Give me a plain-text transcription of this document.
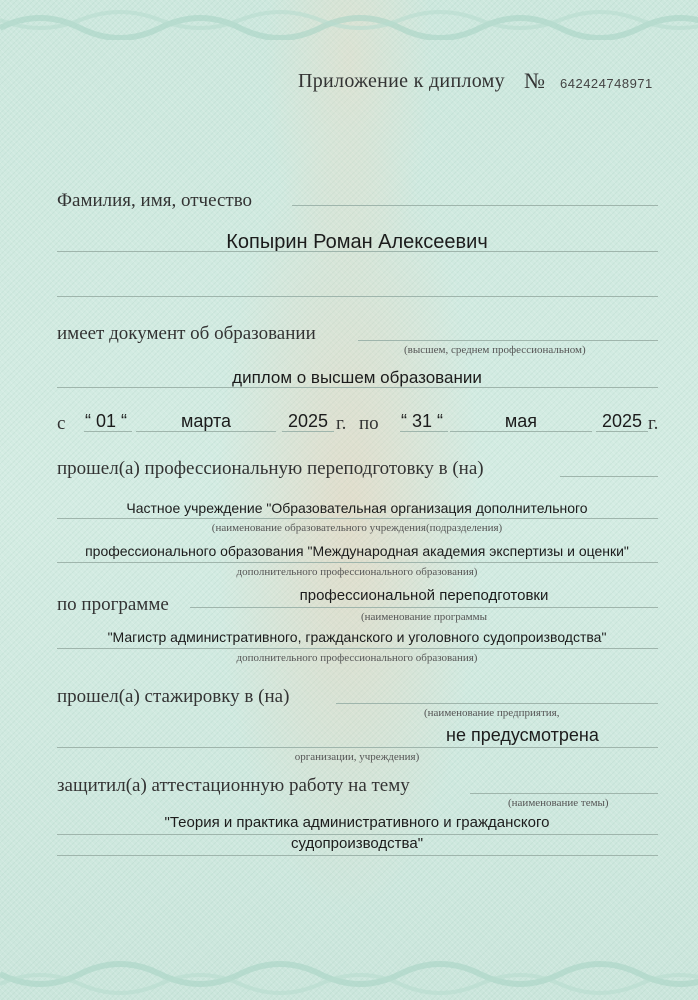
Приложение к диплому № 642424748971
Фамилия, имя, отчество
Копырин Роман Алексеевич
имеет документ об образовании
(высшем, среднем профессиональном)
диплом о высшем образовании
с	“ 01 “	марта	2025 г. по	“ 31 “	мая	2025 г.
прошел(а) профессиональную переподготовку в (на)
Частное учреждение "Образовательная организация дополнительного
(наименование образовательного учреждения(подразделения)
профессионального образования "Международная академия экспертизы и оценки"
дополнительного профессионального образования)
по программе	профессиональной переподготовки
(наименование программы
"Магистр административного, гражданского и уголовного судопроизводства"
дополнительного профессионального образования)
прошел(а) стажировку в (на)
(наименование предприятия,
не предусмотрена
организации, учреждения)
защитил(а) аттестационную работу на тему
(наименование темы)
"Теория и практика административного и гражданского
судопроизводства"
